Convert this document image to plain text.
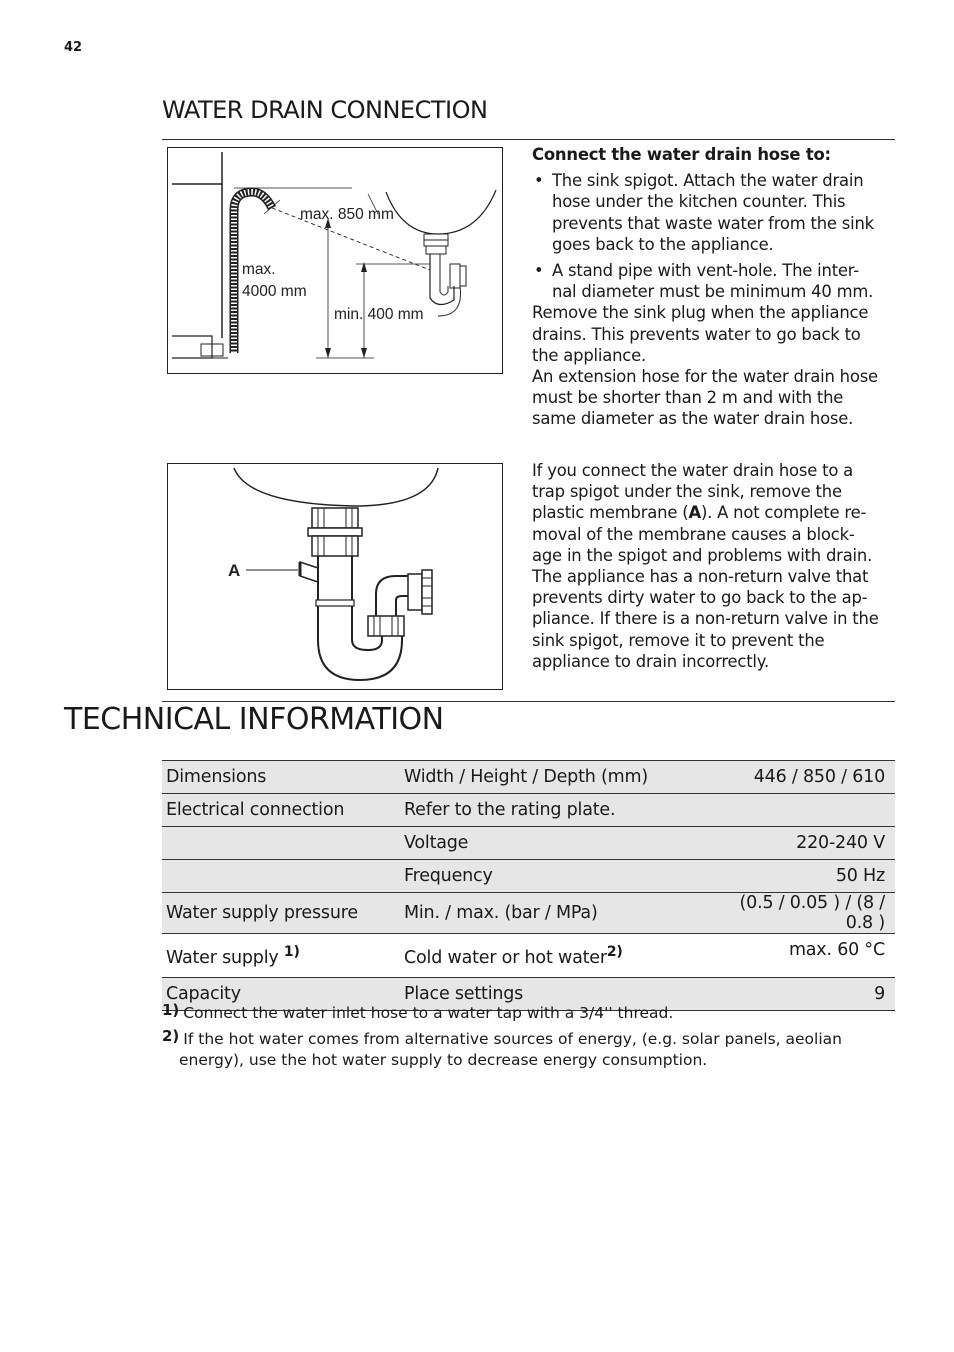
42
WATER DRAIN CONNECTION
max. 850 mm
max.
4000 mm
min. 400 mm

Connect the water drain hose to:

• The sink spigot. Attach the water drain hose under the kitchen counter. This prevents that waste water from the sink goes back to the appliance.
• A stand pipe with vent-hole. The inter-nal diameter must be minimum 40 mm.

Remove the sink plug when the appliance drains. This prevents water to go back to the appliance.

An extension hose for the water drain hose must be shorter than 2 m and with the same diameter as the water drain hose.

A

If you connect the water drain hose to a trap spigot under the sink, remove the plastic membrane (A). A not complete re-moval of the membrane causes a block-age in the spigot and problems with drain.

The appliance has a non-return valve that prevents dirty water to go back to the ap-pliance. If there is a non-return valve in the sink spigot, remove it to prevent the appliance to drain incorrectly.

TECHNICAL INFORMATION
Dimensions	Width / Height / Depth (mm)	446 / 850 / 610
Electrical connection	Refer to the rating plate.	
	Voltage	220-240 V
	Frequency	50 Hz
Water supply pressure	Min. / max. (bar / MPa)	(0.5 / 0.05 ) / (8 / 0.8 )
Water supply $^{1)}$	Cold water or hot water$^{2)}$	max. 60 °C
Capacity	Place settings	9
1) Connect the water inlet hose to a water tap with a 3/4'' thread.
2) If the hot water comes from alternative sources of energy, (e.g. solar panels, aeolian
energy), use the hot water supply to decrease energy consumption.
